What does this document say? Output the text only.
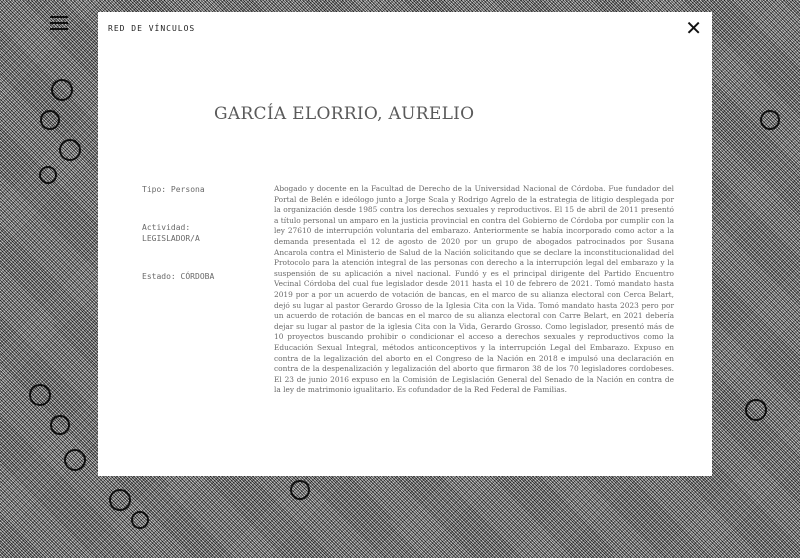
RED DE VÍNCULOS	✕
GARCÍA ELORRIO, AURELIO
Tipo: Persona
Actividad:
LEGISLADOR/A
Estado: CÓRDOBA

Abogado y docente en la Facultad de Derecho de la Universidad Nacional de Córdoba. Fue fundador del Portal de Belén e ideólogo junto a Jorge Scala y Rodrigo Agrelo de la estrategia de litigio desplegada por la organización desde 1985 contra los derechos sexuales y reproductivos. El 15 de abril de 2011 presentó a título personal un amparo en la justicia provincial en contra del Gobierno de Córdoba por cumplir con la ley 27610 de interrupción voluntaria del embarazo. Anteriormente se había incorporado como actor a la demanda presentada el 12 de agosto de 2020 por un grupo de abogados patrocinados por Susana Ancarola contra el Ministerio de Salud de la Nación solicitando que se declare la inconstitucionalidad del Protocolo para la atención integral de las personas con derecho a la interrupción legal del embarazo y la suspensión de su aplicación a nivel nacional. Fundó y es el principal dirigente del Partido Encuentro Vecinal Córdoba del cual fue legislador desde 2011 hasta el 10 de febrero de 2021. Tomó mandato hasta 2019 por a por un acuerdo de votación de bancas, en el marco de su alianza electoral con Cerca Belart, dejó su lugar al pastor Gerardo Grosso de la Iglesia Cita con la Vida. Tomó mandato hasta 2023 pero por un acuerdo de rotación de bancas en el marco de su alianza electoral con Carre Belart, en 2021 debería dejar su lugar al pastor de la iglesia Cita con la Vida, Gerardo Grosso. Como legislador, presentó más de 10 proyectos buscando prohibir o condicionar el acceso a derechos sexuales y reproductivos como la Educación Sexual Integral, métodos anticonceptivos y la interrupción Legal del Embarazo. Expuso en contra de la legalización del aborto en el Congreso de la Nación en 2018 e impulsó una declaración en contra de la despenalización y legalización del aborto que firmaron 38 de los 70 legisladores cordobeses. El 23 de junio 2016 expuso en la Comisión de Legislación General del Senado de la Nación en contra de la ley de matrimonio igualitario. Es cofundador de la Red Federal de Familias.
